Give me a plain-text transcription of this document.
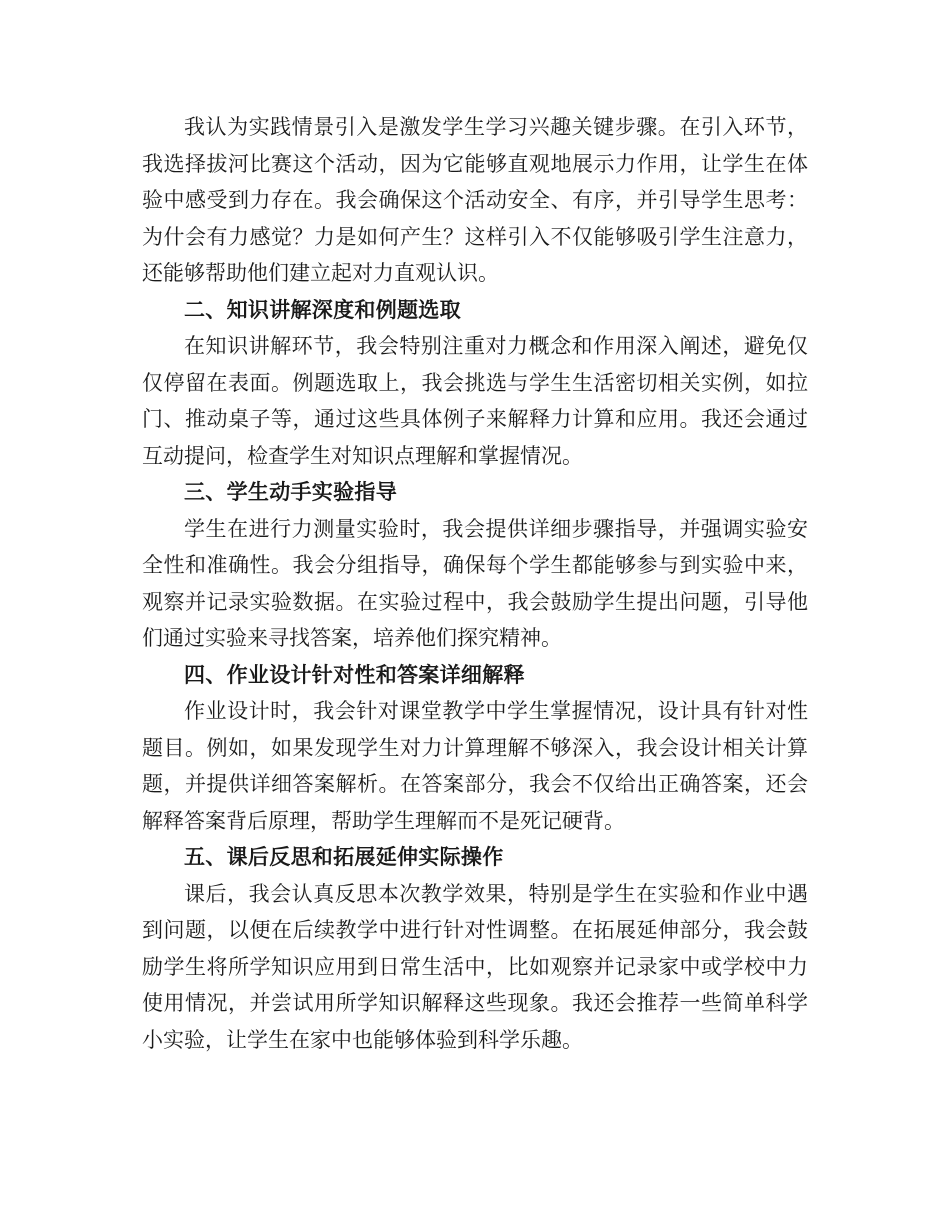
我认为实践情景引入是激发学生学习兴趣关键步骤。在引入环节，我选择拔河比赛这个活动，因为它能够直观地展示力作用，让学生在体验中感受到力存在。我会确保这个活动安全、有序，并引导学生思考：为什会有力感觉？力是如何产生？这样引入不仅能够吸引学生注意力，还能够帮助他们建立起对力直观认识。

二、知识讲解深度和例题选取

在知识讲解环节，我会特别注重对力概念和作用深入阐述，避免仅仅停留在表面。例题选取上，我会挑选与学生生活密切相关实例，如拉门、推动桌子等，通过这些具体例子来解释力计算和应用。我还会通过互动提问，检查学生对知识点理解和掌握情况。

三、学生动手实验指导

学生在进行力测量实验时，我会提供详细步骤指导，并强调实验安全性和准确性。我会分组指导，确保每个学生都能够参与到实验中来，观察并记录实验数据。在实验过程中，我会鼓励学生提出问题，引导他们通过实验来寻找答案，培养他们探究精神。

四、作业设计针对性和答案详细解释

作业设计时，我会针对课堂教学中学生掌握情况，设计具有针对性题目。例如，如果发现学生对力计算理解不够深入，我会设计相关计算题，并提供详细答案解析。在答案部分，我会不仅给出正确答案，还会解释答案背后原理，帮助学生理解而不是死记硬背。

五、课后反思和拓展延伸实际操作

课后，我会认真反思本次教学效果，特别是学生在实验和作业中遇到问题，以便在后续教学中进行针对性调整。在拓展延伸部分，我会鼓励学生将所学知识应用到日常生活中，比如观察并记录家中或学校中力使用情况，并尝试用所学知识解释这些现象。我还会推荐一些简单科学小实验，让学生在家中也能够体验到科学乐趣。
